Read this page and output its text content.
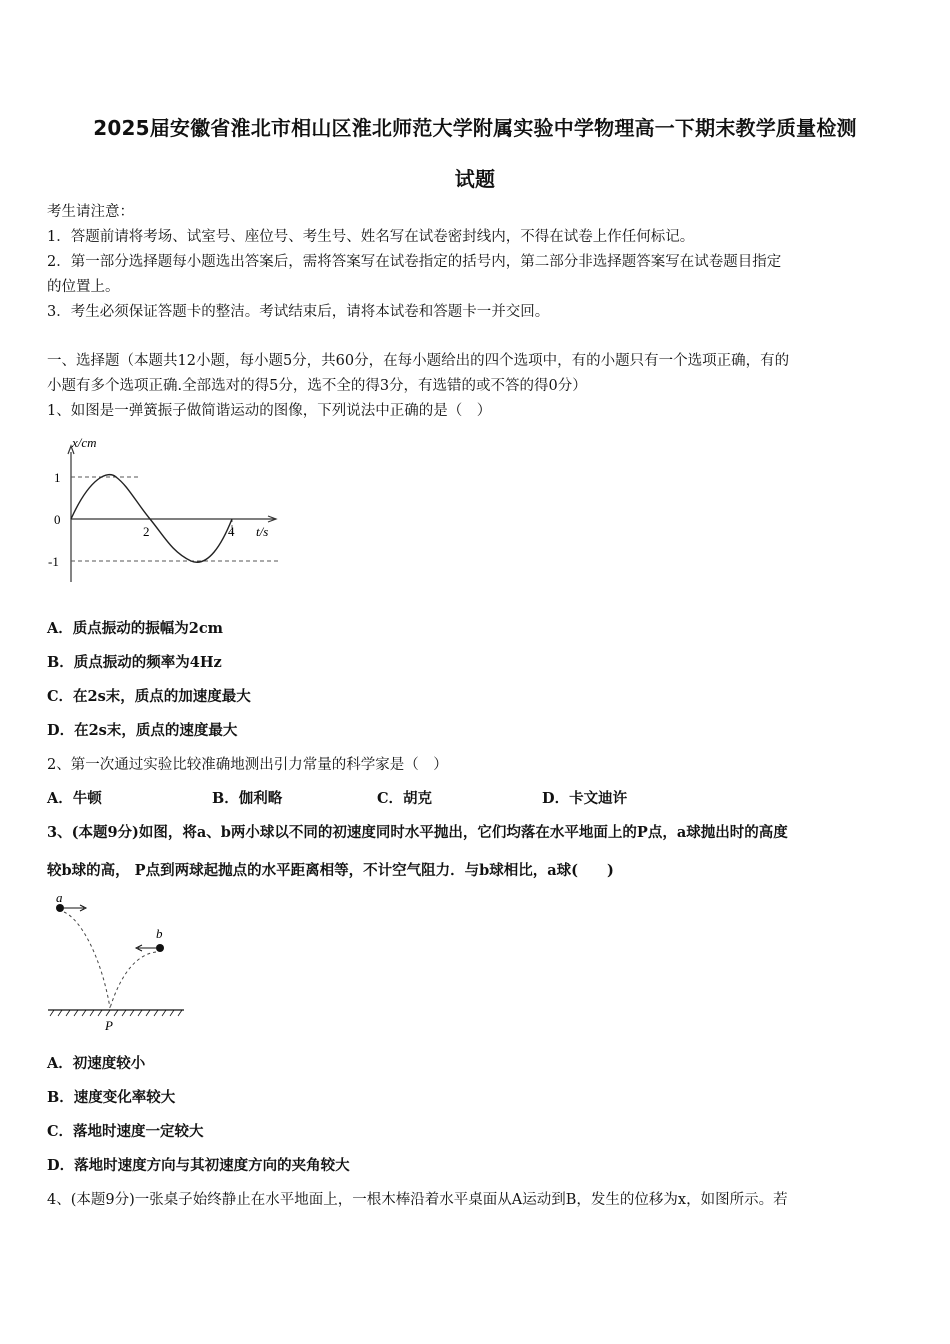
2025届安徽省淮北市相山区淮北师范大学附属实验中学物理高一下期末教学质量检测
试题
考生请注意：
1．答题前请将考场、试室号、座位号、考生号、姓名写在试卷密封线内，不得在试卷上作任何标记。
2．第一部分选择题每小题选出答案后，需将答案写在试卷指定的括号内，第二部分非选择题答案写在试卷题目指定
的位置上。
3．考生必须保证答题卡的整洁。考试结束后，请将本试卷和答题卡一并交回。
一、选择题（本题共12小题，每小题5分，共60分，在每小题给出的四个选项中，有的小题只有一个选项正确，有的
小题有多个选项正确.全部选对的得5分，选不全的得3分，有选错的或不答的得0分）
1、如图是一弹簧振子做简谐运动的图像，下列说法中正确的是（　）
x/cm
1
0
-1
2	4 t/s
A．质点振动的振幅为2cm
B．质点振动的频率为4Hz
C．在2s末，质点的加速度最大
D．在2s末，质点的速度最大
2、第一次通过实验比较准确地测出引力常量的科学家是（　）
A．牛顿	B．伽利略	C．胡克	D．卡文迪许
3、(本题9分)如图，将a、b两小球以不同的初速度同时水平抛出，它们均落在水平地面上的P点，a球抛出时的高度
较b球的高， P点到两球起抛点的水平距离相等，不计空气阻力．与b球相比，a球(　　)
a
b
P
A．初速度较小
B．速度变化率较大
C．落地时速度一定较大
D．落地时速度方向与其初速度方向的夹角较大
4、(本题9分)一张桌子始终静止在水平地面上，一根木棒沿着水平桌面从A运动到B，发生的位移为x，如图所示。若
